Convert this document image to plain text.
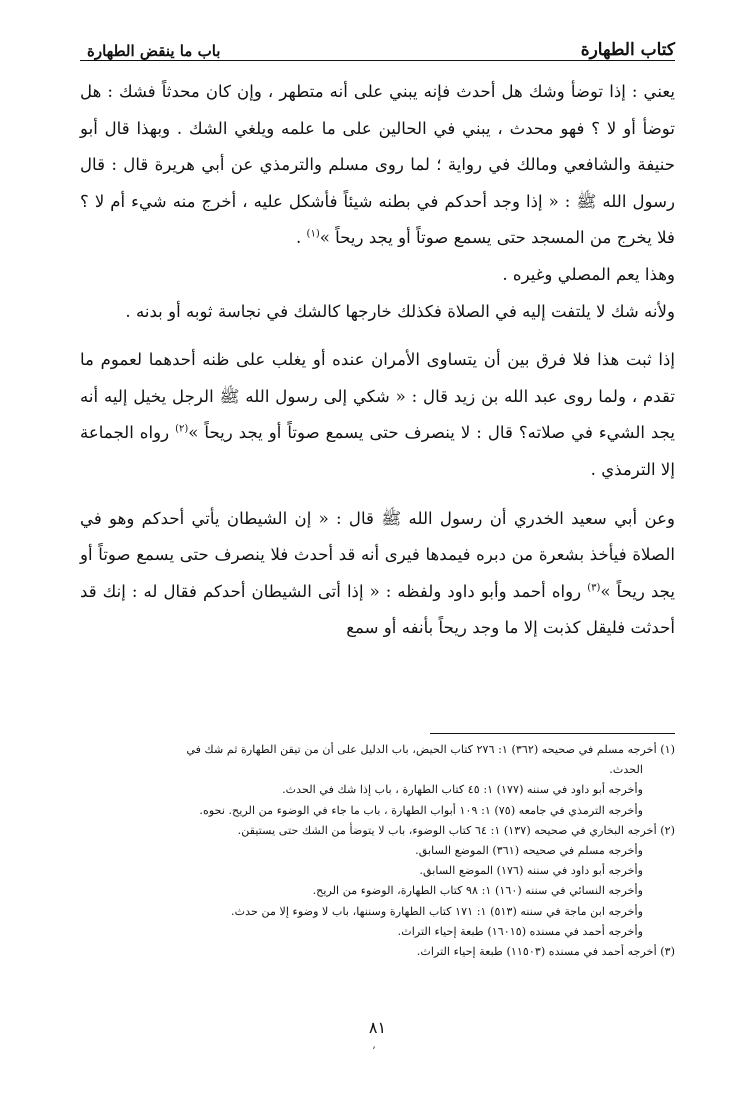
كتاب الطهارة
باب ما ينقض الطهارة

يعني : إذا توضأ وشك هل أحدث فإنه يبني على أنه متطهر ، وإن كان محدثاً فشك : هل توضأ أو لا ؟ فهو محدث ، يبني في الحالين على ما علمه ويلغي الشك . وبهذا قال أبو حنيفة والشافعي ومالك في رواية ؛ لما روى مسلم والترمذي عن أبي هريرة قال : قال رسول الله ﷺ : « إذا وجد أحدكم في بطنه شيئاً فأشكل عليه ، أخرج منه شيء أم لا ؟ فلا يخرج من المسجد حتى يسمع صوتاً أو يجد ريحاً »$^{(١)}$ .

وهذا يعم المصلي وغيره .

ولأنه شك لا يلتفت إليه في الصلاة فكذلك خارجها كالشك في نجاسة ثوبه أو بدنه .

إذا ثبت هذا فلا فرق بين أن يتساوى الأمران عنده أو يغلب على ظنه أحدهما لعموم ما تقدم ، ولما روى عبد الله بن زيد قال : « شكي إلى رسول الله ﷺ الرجل يخيل إليه أنه يجد الشيء في صلاته؟ قال : لا ينصرف حتى يسمع صوتاً أو يجد ريحاً »$^{(٢)}$ رواه الجماعة إلا الترمذي .

وعن أبي سعيد الخدري أن رسول الله ﷺ قال : « إن الشيطان يأتي أحدكم وهو في الصلاة فيأخذ بشعرة من دبره فيمدها فيرى أنه قد أحدث فلا ينصرف حتى يسمع صوتاً أو يجد ريحاً »$^{(٣)}$ رواه أحمد وأبو داود ولفظه : « إذا أتى الشيطان أحدكم فقال له : إنك قد أحدثت فليقل كذبت إلا ما وجد ريحاً بأنفه أو سمع

(١) أخرجه مسلم في صحيحه (٣٦٢) ١: ٢٧٦ كتاب الحيض، باب الدليل على أن من تيقن الطهارة ثم شك في
الحدث.
وأخرجه أبو داود في سننه (١٧٧) ١: ٤٥ كتاب الطهارة ، باب إذا شك في الحدث.
وأخرجه الترمذي في جامعه (٧٥) ١: ١٠٩ أبواب الطهارة ، باب ما جاء في الوضوء من الريح. نحوه.
(٢) أخرجه البخاري في صحيحه (١٣٧) ١: ٦٤ كتاب الوضوء، باب لا يتوضأ من الشك حتى يستيقن.
وأخرجه مسلم في صحيحه (٣٦١) الموضع السابق.
وأخرجه أبو داود في سننه (١٧٦) الموضع السابق.
وأخرجه النسائي في سننه (١٦٠) ١: ٩٨ كتاب الطهارة، الوضوء من الريح.
وأخرجه ابن ماجة في سننه (٥١٣) ١: ١٧١ كتاب الطهارة وسننها، باب لا وضوء إلا من حدث.
وأخرجه أحمد في مسنده (١٦٠١٥) طبعة إحياء التراث.
(٣) أخرجه أحمد في مسنده (١١٥٠٣) طبعة إحياء التراث.
٨١
ʼ
